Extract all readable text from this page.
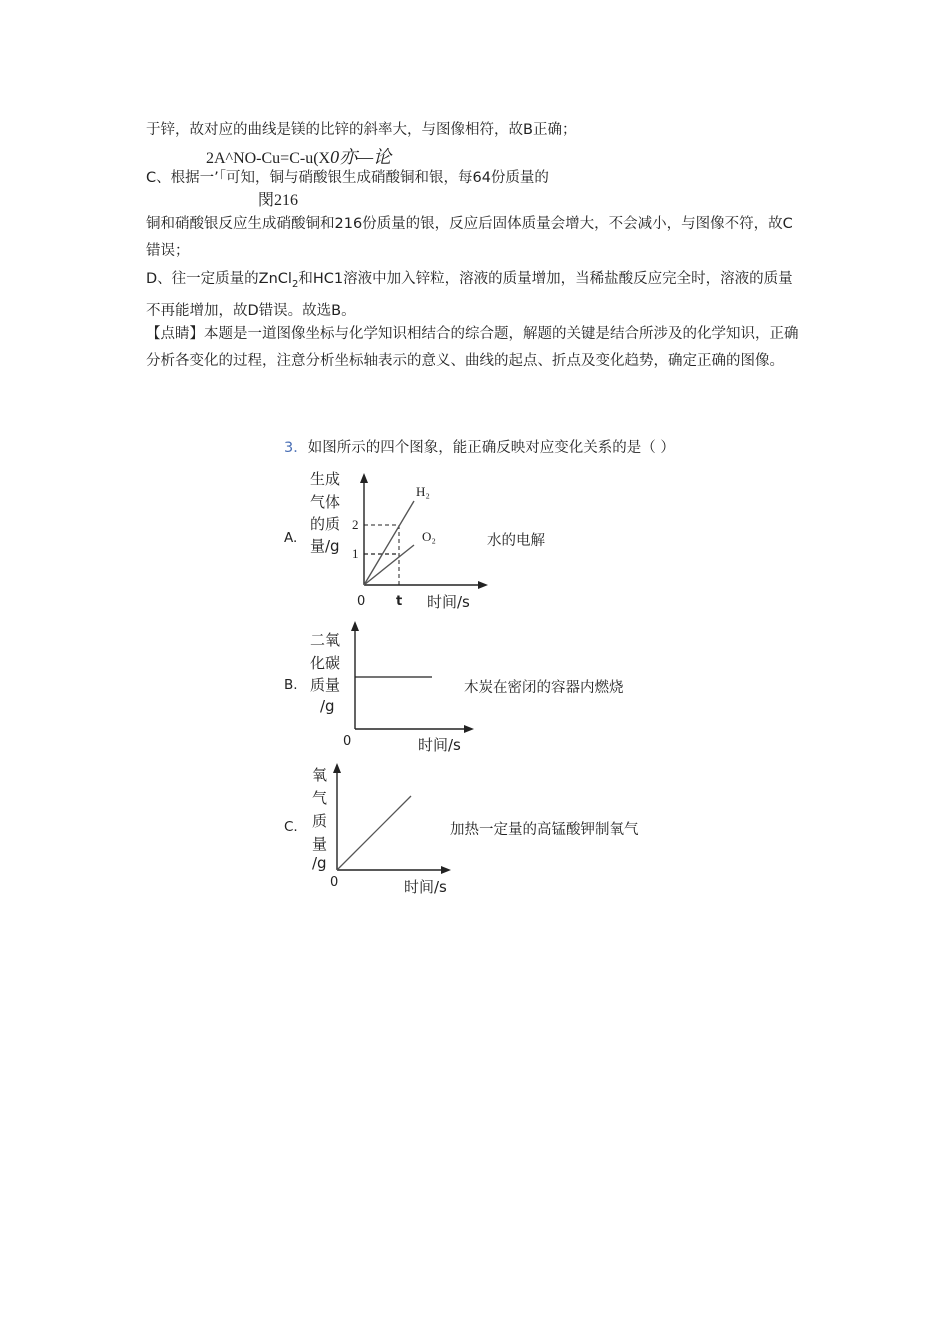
于锌，故对应的曲线是镁的比锌的斜率大，与图像相符，故B正确；

2A^NO-Cu=C-u(X0亦—论

C、根据一’「可知，铜与硝酸银生成硝酸铜和银，每64份质量的

閔216

铜和硝酸银反应生成硝酸铜和216份质量的银，反应后固体质量会增大，不会减小，与图像不符，故C错误；

D、往一定质量的ZnCl$_2$和HC1溶液中加入锌粒，溶液的质量增加，当稀盐酸反应完全时，溶液的质量不再能增加，故D错误。故选B。

【点睛】本题是一道图像坐标与化学知识相结合的综合题，解题的关键是结合所涉及的化学知识，正确分析各变化的过程，注意分析坐标轴表示的意义、曲线的起点、折点及变化趋势，确定正确的图像。

3．如图所示的四个图象，能正确反映对应变化关系的是（ ）
A.	水的电解
生成
气体
的质
量/g
H₂
O₂
2
1
0 t 时间/s
B.	木炭在密闭的容器内燃烧
二氧
化碳
质量
/g
0	时间/s
C.	加热一定量的高锰酸钾制氧气
氧
气
质
量
/g
0	时间/s
